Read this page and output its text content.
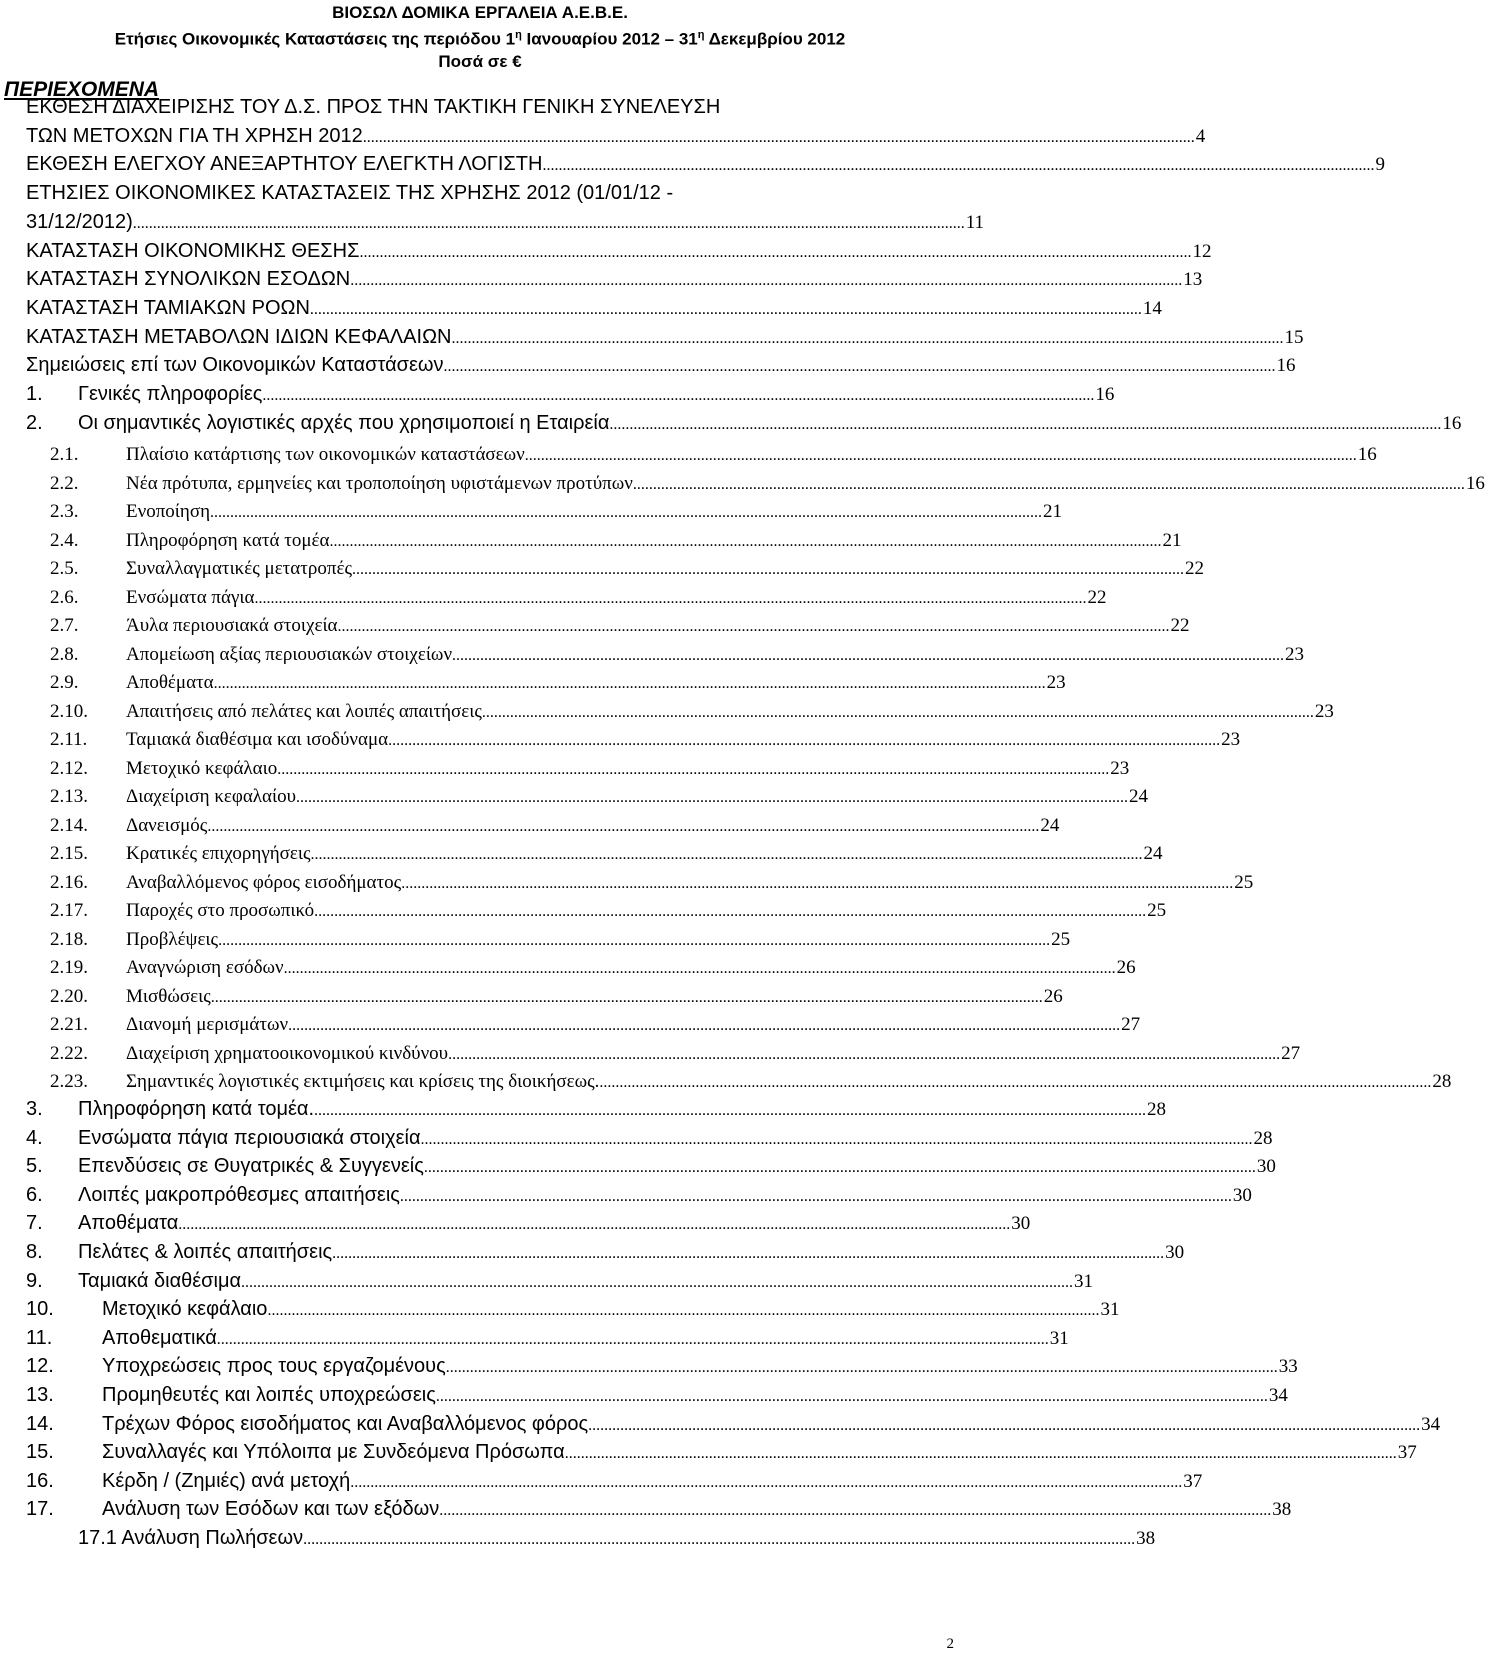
ΒΙΟΣΩΛ ΔΟΜΙΚΑ ΕΡΓΑΛΕΙΑ Α.Ε.Β.Ε.
Ετήσιες Οικονομικές Καταστάσεις της περιόδου $1^\eta$ Ιανουαρίου $2012 - 31^\eta$ Δεκεμβρίου 2012
Ποσά σε €
ΠΕΡΙΕΧΟΜΕΝΑ
ΕΚΘΕΣΗ ΔΙΑΧΕΙΡΙΣΗΣ ΤΟΥ Δ.Σ. ΠΡΟΣ ΤΗΝ ΤΑΚΤΙΚΗ ΓΕΝΙΚΗ ΣΥΝΕΛΕΥΣΗ
ΤΩΝ ΜΕΤΟΧΩΝ ΓΙΑ ΤΗ ΧΡΗΣΗ 2012 .....	4
ΕΚΘΕΣΗ ΕΛΕΓΧΟΥ ΑΝΕΞΑΡΤΗΤΟΥ ΕΛΕΓΚΤΗ ΛΟΓΙΣΤΗ .....	9
ΕΤΗΣΙΕΣ ΟΙΚΟΝΟΜΙΚΕΣ ΚΑΤΑΣΤΑΣΕΙΣ ΤΗΣ ΧΡΗΣΗΣ 2012 (01/01/12 -
31/12/2012) .....	11
ΚΑΤΑΣΤΑΣΗ ΟΙΚΟΝΟΜΙΚΗΣ ΘΕΣΗΣ .....	12
ΚΑΤΑΣΤΑΣΗ ΣΥΝΟΛΙΚΩΝ ΕΣΟΔΩΝ .....	13
ΚΑΤΑΣΤΑΣΗ ΤΑΜΙΑΚΩΝ ΡΟΩΝ .....	14
ΚΑΤΑΣΤΑΣΗ ΜΕΤΑΒΟΛΩΝ ΙΔΙΩΝ ΚΕΦΑΛΑΙΩΝ .....	15
Σημειώσεις επί των Οικονομικών Καταστάσεων .....	16
1.	Γενικές πληροφορίες .....	16
2.	Οι σημαντικές λογιστικές αρχές που χρησιμοποιεί η Εταιρεία .....	16
2.1.	Πλαίσιο κατάρτισης των οικονομικών καταστάσεων .....	16
2.2.	Νέα πρότυπα, ερμηνείες και τροποποίηση υφιστάμενων προτύπων .....	16
2.3.	Ενοποίηση .....	21
2.4.	Πληροφόρηση κατά τομέα .....	21
2.5.	Συναλλαγματικές μετατροπές .....	22
2.6.	Ενσώματα πάγια .....	22
2.7.	Άυλα περιουσιακά στοιχεία .....	22
2.8.	Απομείωση αξίας περιουσιακών στοιχείων .....	23
2.9.	Αποθέματα .....	23
2.10.	Απαιτήσεις από πελάτες και λοιπές απαιτήσεις .....	23
2.11.	Ταμιακά διαθέσιμα και ισοδύναμα .....	23
2.12.	Μετοχικό κεφάλαιο .....	23
2.13.	Διαχείριση κεφαλαίου .....	24
2.14.	Δανεισμός .....	24
2.15.	Κρατικές επιχορηγήσεις .....	24
2.16.	Αναβαλλόμενος φόρος εισοδήματος .....	25
2.17.	Παροχές στο προσωπικό .....	25
2.18.	Προβλέψεις .....	25
2.19.	Αναγνώριση εσόδων .....	26
2.20.	Μισθώσεις .....	26
2.21.	Διανομή μερισμάτων .....	27
2.22.	Διαχείριση χρηματοοικονομικού κινδύνου .....	27
2.23.	Σημαντικές λογιστικές εκτιμήσεις και κρίσεις της διοικήσεως. .....	28
3.	Πληροφόρηση κατά τομέα. .....	28
4.	Ενσώματα πάγια περιουσιακά στοιχεία .....	28
5.	Επενδύσεις σε Θυγατρικές & Συγγενείς .....	30
6.	Λοιπές μακροπρόθεσμες απαιτήσεις .....	30
7.	Αποθέματα .....	30
8.	Πελάτες & λοιπές απαιτήσεις .....	30
9.	Ταμιακά διαθέσιμα .....	31
10.	Μετοχικό κεφάλαιο .....	31
11.	Αποθεματικά .....	31
12.	Υποχρεώσεις προς τους εργαζομένους .....	33
13.	Προμηθευτές και λοιπές υποχρεώσεις .....	34
14.	Τρέχων Φόρος εισοδήματος και Αναβαλλόμενος φόρος .....	34
15.	Συναλλαγές και Υπόλοιπα με Συνδεόμενα Πρόσωπα .....	37
16.	Κέρδη / (Ζημιές) ανά μετοχή .....	37
17.	Ανάλυση των Εσόδων και των εξόδων .....	38
17.1 Ανάλυση Πωλήσεων .....	38
2
